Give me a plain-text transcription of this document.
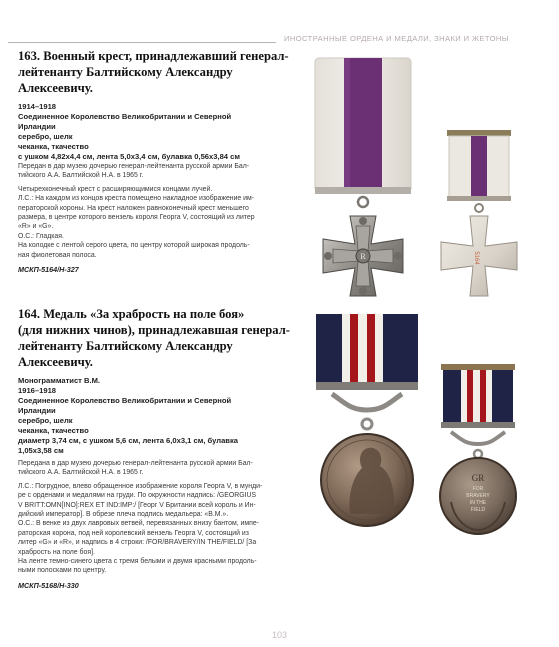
ИНОСТРАННЫЕ ОРДЕНА И МЕДАЛИ, ЗНАКИ И ЖЕТОНЫ
163. Военный крест, принадлежавший генерал-
лейтенанту Балтийскому Александру Алексеевичу.
1914–1918
Соединенное Королевство Великобритании и Северной
Ирландии
серебро, шелк
чеканка, ткачество
с ушком 4,82х4,4 см, лента 5,0х3,4 см, булавка 0,56х3,84 см
Передан в дар музею дочерью генерал-лейтенанта русской армии Бал-
тийского А.А. Балтийской Н.А. в 1965 г.
Четырехконечный крест с расширяющимися концами лучей.
Л.С.: На каждом из концов креста помещено накладное изображение им-
ператорской короны. На крест наложен равноконечный крест меньшего
размера, в центре которого вензель короля Георга V, состоящий из литер
«R» и «G».
О.С.: Гладкая.
На колодке с лентой серого цвета, по центру которой широкая продоль-
ная фиолетовая полоса.
МСКП-5164/Н-327
164. Медаль «За храбрость на поле боя»
(для нижних чинов), принадлежавшая генерал-
лейтенанту Балтийскому Александру Алексеевичу.
Монограмматист В.М.
1916–1918
Соединенное Королевство Великобритании и Северной
Ирландии
серебро, шелк
чеканка, ткачество
диаметр 3,74 см, с ушком 5,6 см, лента 6,0х3,1 см, булавка
1,05х3,58 см
Передана в дар музею дочерью генерал-лейтенанта русской армии Бал-
тийского А.А. Балтийской Н.А. в 1965 г.
Л.С.: Погрудное, влево обращенное изображение короля Георга V, в мунди-
ре с орденами и медалями на груди. По окружности надпись: /GEORGIUS
V BRITT:OMN[INO]:REX ET IND:IMP:/ [Георг V Британии всей король и Ин-
дийский император]. В обрезе плеча подпись медальера: «B.M.».
О.С.: В венке из двух лавровых ветвей, перевязанных внизу бантом, импе-
раторская корона, под ней королевский вензель Георга V, состоящий из
литер «G» и «R», и надпись в 4 строки: /FOR/BRAVERY/IN THE/FIELD/ [За
храбрость на поле боя].
На ленте темно-синего цвета с тремя белыми и двумя красными продоль-
ными полосками по центру.
МСКП-5168/Н-330
R	5164
FOR
BRAVERY
IN THE
FIELD
GR
103
